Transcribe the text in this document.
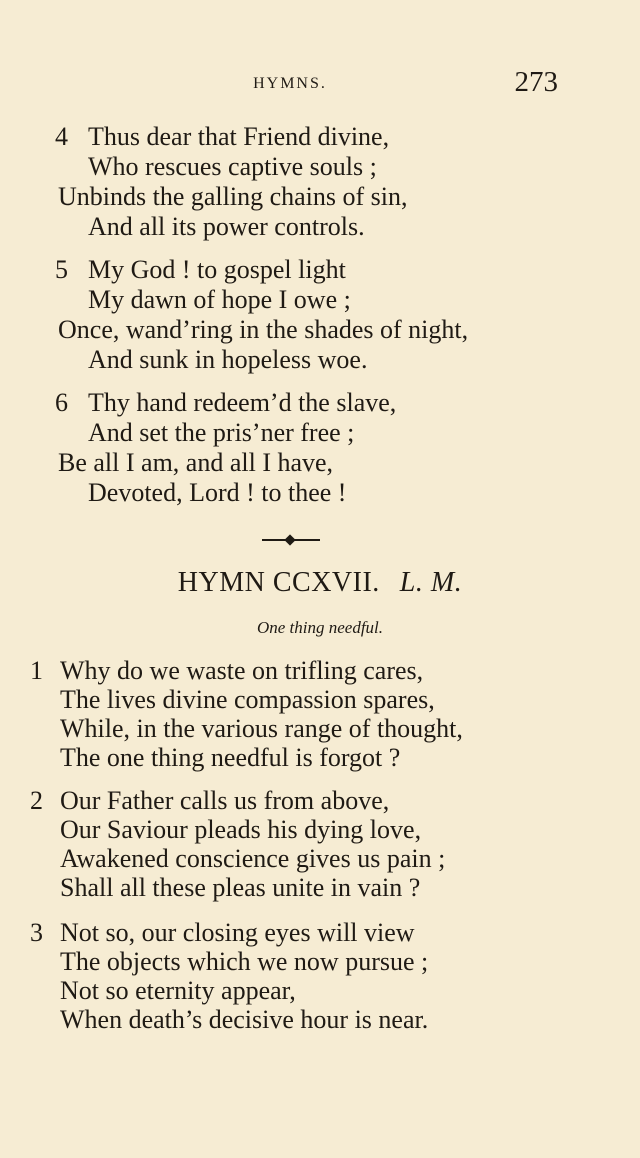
HYMNS.	273
4 Thus dear that Friend divine,
Who rescues captive souls ;
Unbinds the galling chains of sin,
And all its power controls.
5 My God ! to gospel light
My dawn of hope I owe ;
Once, wand’ring in the shades of night,
And sunk in hopeless woe.
6 Thy hand redeem’d the slave,
And set the pris’ner free ;
Be all I am, and all I have,
Devoted, Lord ! to thee !
HYMN CCXVII. L. M.
One thing needful.
1 Why do we waste on trifling cares,
The lives divine compassion spares,
While, in the various range of thought,
The one thing needful is forgot ?
2 Our Father calls us from above,
Our Saviour pleads his dying love,
Awakened conscience gives us pain ;
Shall all these pleas unite in vain ?
3 Not so, our closing eyes will view
The objects which we now pursue ;
Not so eternity appear,
When death’s decisive hour is near.
